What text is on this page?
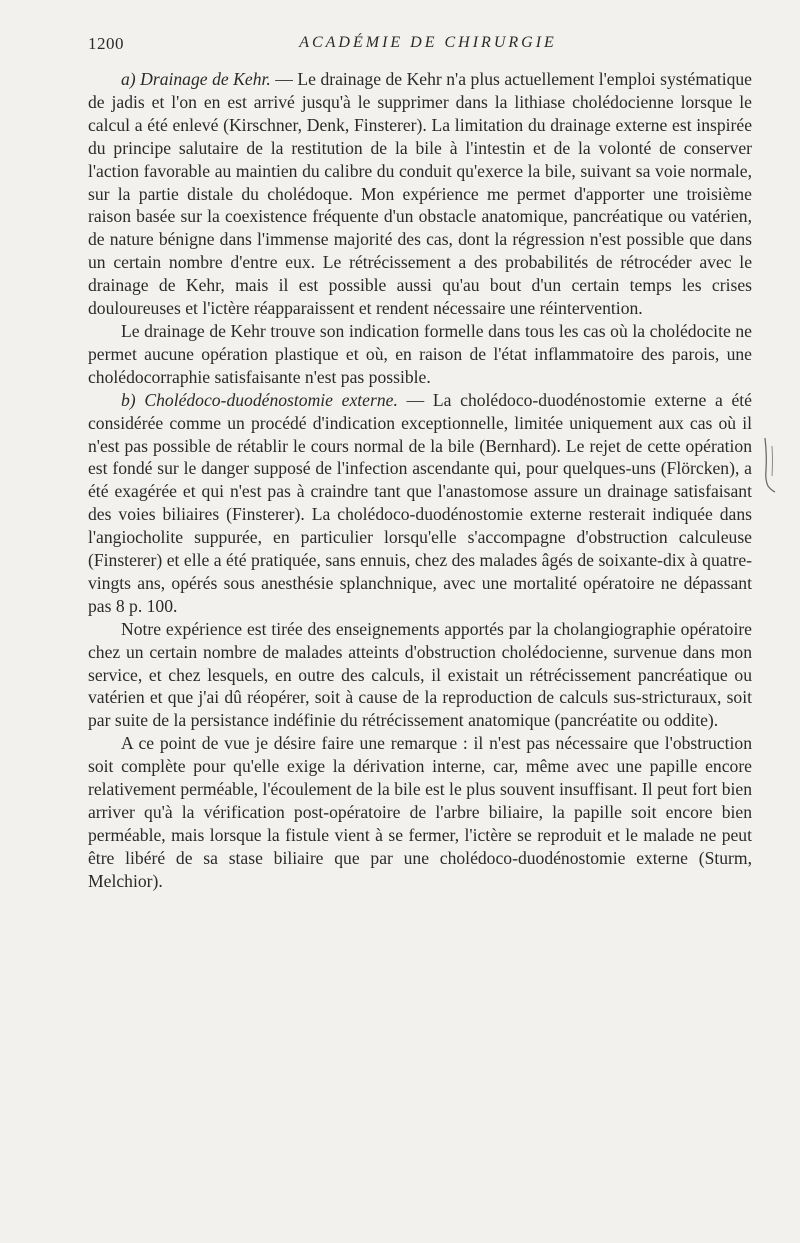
1200	ACADÉMIE DE CHIRURGIE

a) Drainage de Kehr. — Le drainage de Kehr n'a plus actuellement l'emploi systématique de jadis et l'on en est arrivé jusqu'à le supprimer dans la lithiase cholédocienne lorsque le calcul a été enlevé (Kirschner, Denk, Finsterer). La limitation du drainage externe est inspirée du principe salutaire de la restitution de la bile à l'intestin et de la volonté de conserver l'action favorable au maintien du calibre du conduit qu'exerce la bile, suivant sa voie normale, sur la partie distale du cholédoque. Mon expérience me permet d'apporter une troisième raison basée sur la coexistence fréquente d'un obstacle anatomique, pancréatique ou vatérien, de nature bénigne dans l'immense majorité des cas, dont la régression n'est possible que dans un certain nombre d'entre eux. Le rétrécissement a des probabilités de rétrocéder avec le drainage de Kehr, mais il est possible aussi qu'au bout d'un certain temps les crises douloureuses et l'ictère réapparaissent et rendent nécessaire une réintervention.

Le drainage de Kehr trouve son indication formelle dans tous les cas où la cholédocite ne permet aucune opération plastique et où, en raison de l'état inflammatoire des parois, une cholédocorraphie satisfaisante n'est pas possible.

b) Cholédoco-duodénostomie externe. — La cholédoco-duodénostomie externe a été considérée comme un procédé d'indication exceptionnelle, limitée uniquement aux cas où il n'est pas possible de rétablir le cours normal de la bile (Bernhard). Le rejet de cette opération est fondé sur le danger supposé de l'infection ascendante qui, pour quelques-uns (Flörcken), a été exagérée et qui n'est pas à craindre tant que l'anastomose assure un drainage satisfaisant des voies biliaires (Finsterer). La cholédoco-duodénostomie externe resterait indiquée dans l'angiocholite suppurée, en particulier lorsqu'elle s'accompagne d'obstruction calculeuse (Finsterer) et elle a été pratiquée, sans ennuis, chez des malades âgés de soixante-dix à quatre-vingts ans, opérés sous anesthésie splanchnique, avec une mortalité opératoire ne dépassant pas 8 p. 100.

Notre expérience est tirée des enseignements apportés par la cholangiographie opératoire chez un certain nombre de malades atteints d'obstruction cholédocienne, survenue dans mon service, et chez lesquels, en outre des calculs, il existait un rétrécissement pancréatique ou vatérien et que j'ai dû réopérer, soit à cause de la reproduction de calculs sus-stricturaux, soit par suite de la persistance indéfinie du rétrécissement anatomique (pancréatite ou oddite).

A ce point de vue je désire faire une remarque : il n'est pas nécessaire que l'obstruction soit complète pour qu'elle exige la dérivation interne, car, même avec une papille encore relativement perméable, l'écoulement de la bile est le plus souvent insuffisant. Il peut fort bien arriver qu'à la vérification post-opératoire de l'arbre biliaire, la papille soit encore bien perméable, mais lorsque la fistule vient à se fermer, l'ictère se reproduit et le malade ne peut être libéré de sa stase biliaire que par une cholédoco-duodénostomie externe (Sturm, Melchior).
